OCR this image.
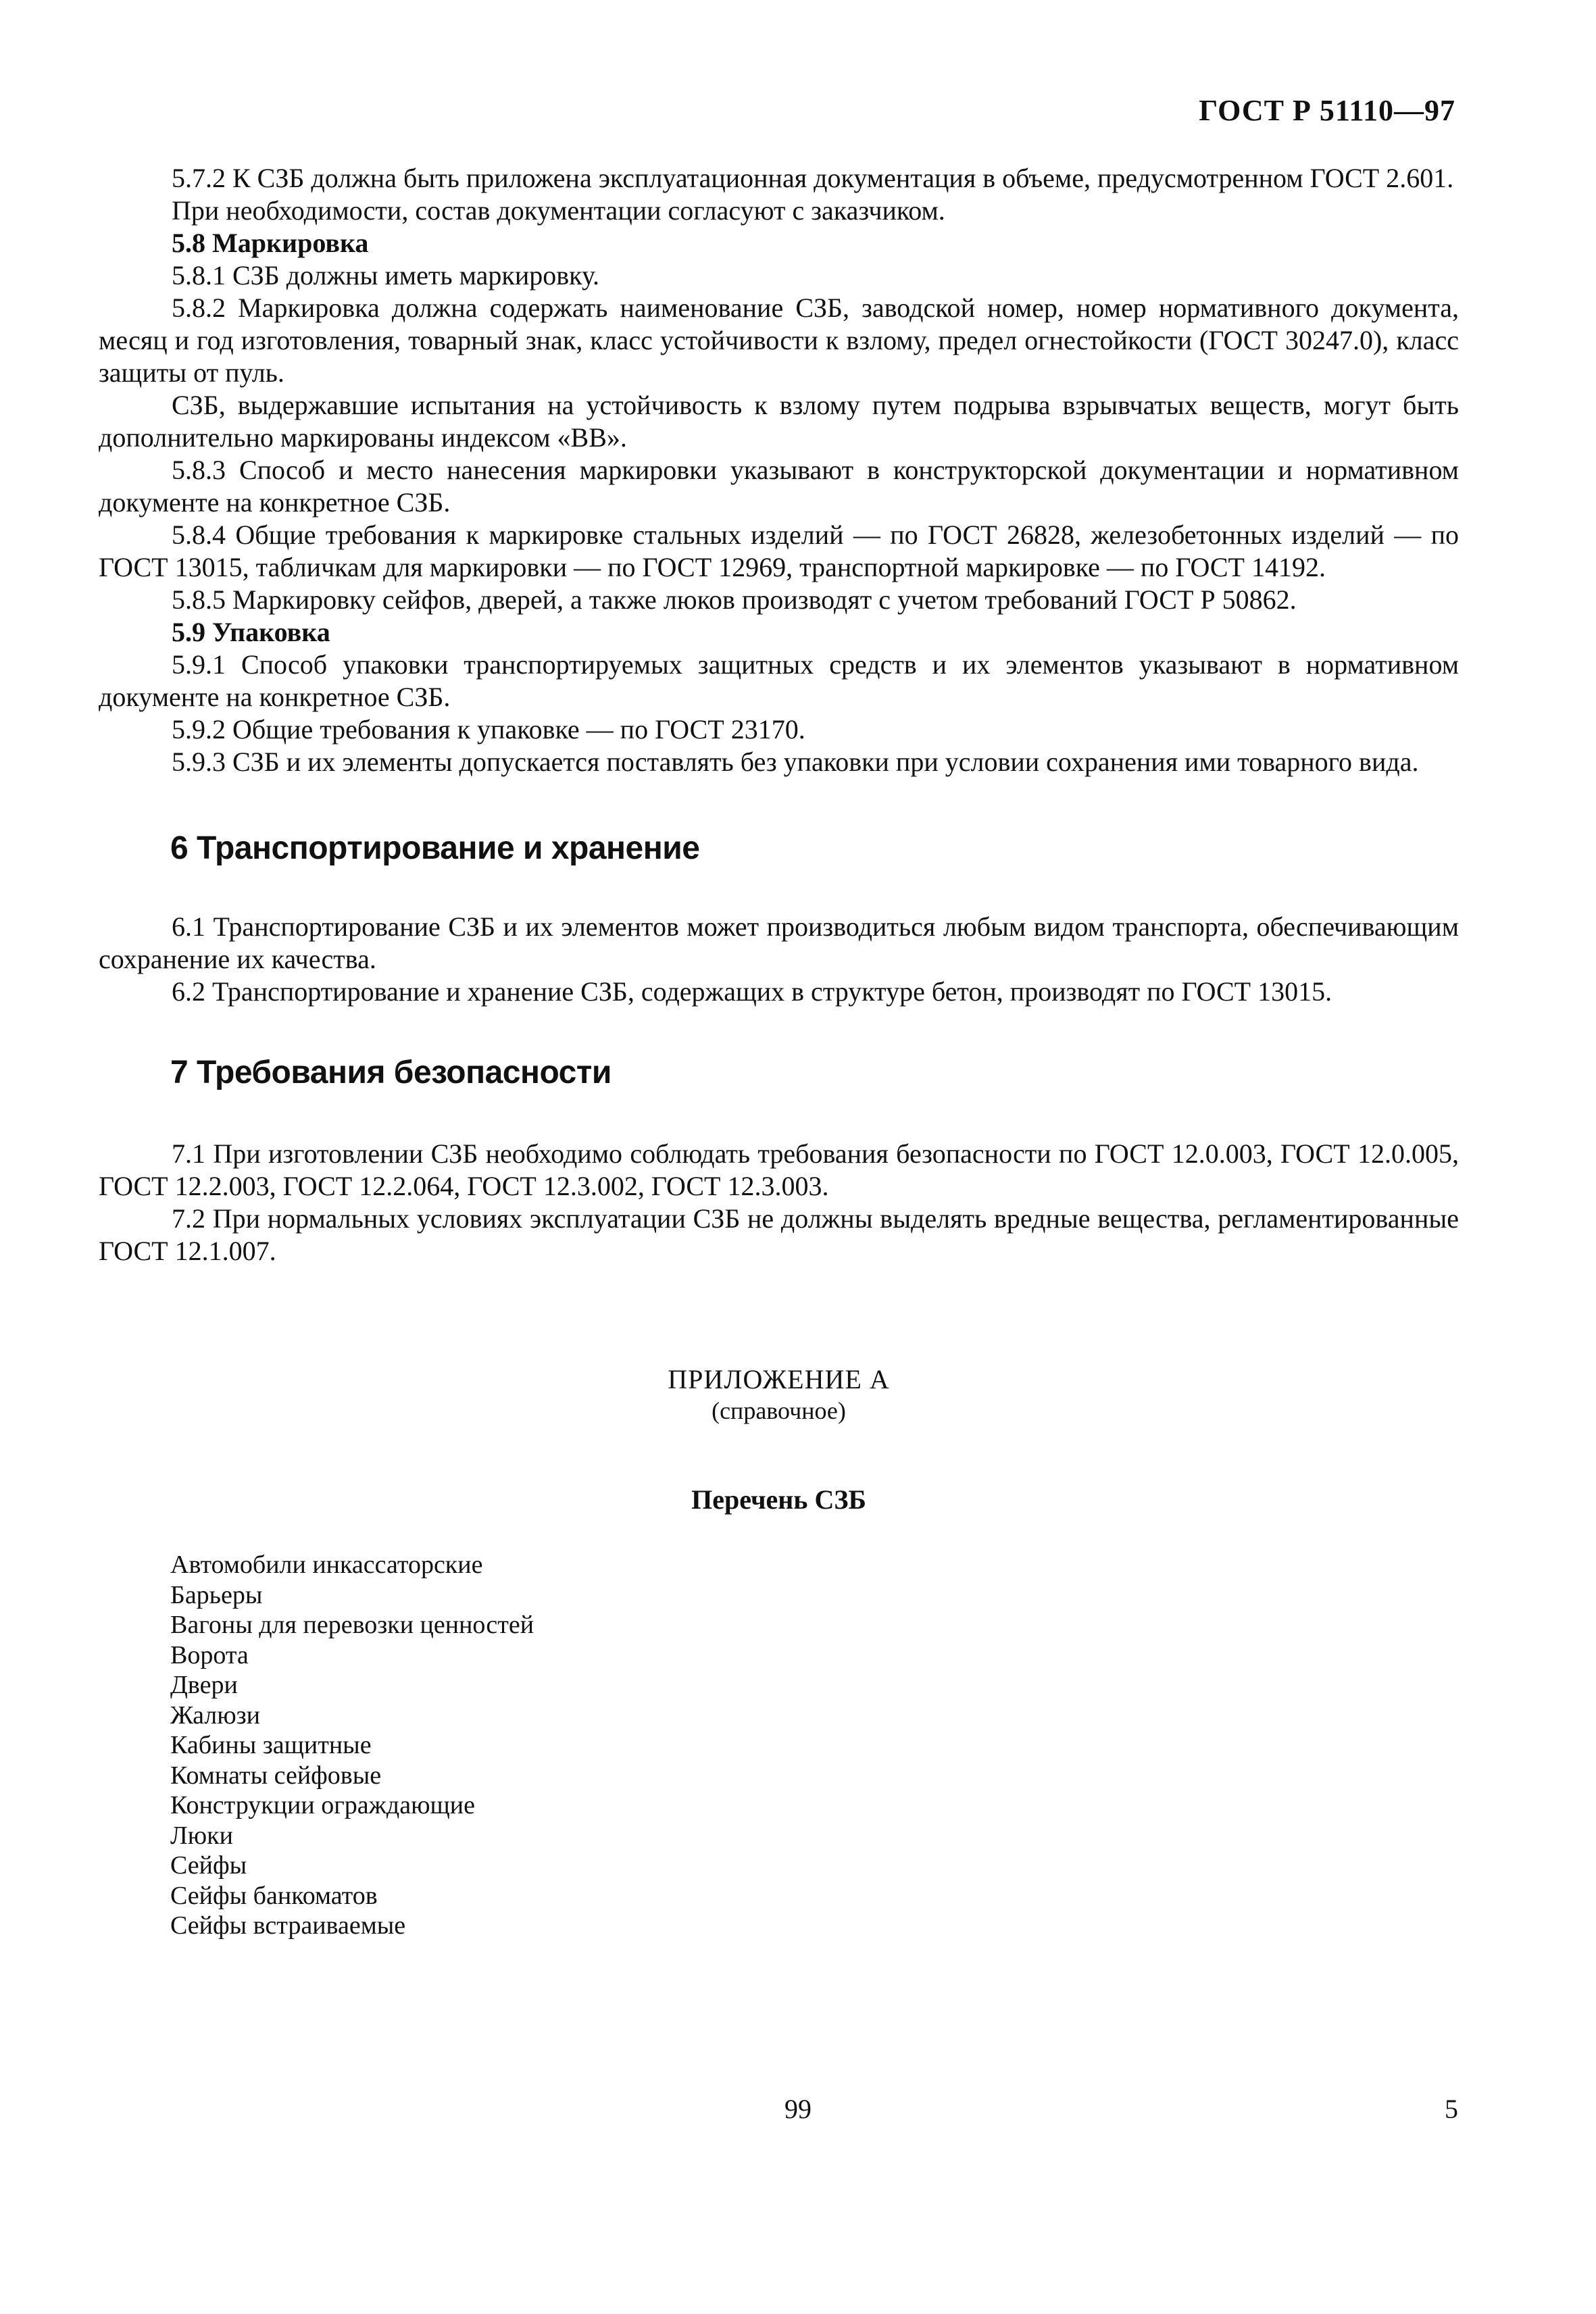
ГОСТ Р 51110—97

5.7.2 К СЗБ должна быть приложена эксплуатационная документация в объеме, предусмотренном ГОСТ 2.601.

При необходимости, состав документации согласуют с заказчиком.

5.8 Маркировка

5.8.1 СЗБ должны иметь маркировку.

5.8.2 Маркировка должна содержать наименование СЗБ, заводской номер, номер нормативного документа, месяц и год изготовления, товарный знак, класс устойчивости к взлому, предел огнестойкости (ГОСТ 30247.0), класс защиты от пуль.

СЗБ, выдержавшие испытания на устойчивость к взлому путем подрыва взрывчатых веществ, могут быть дополнительно маркированы индексом «ВВ».

5.8.3 Способ и место нанесения маркировки указывают в конструкторской документации и нормативном документе на конкретное СЗБ.

5.8.4 Общие требования к маркировке стальных изделий — по ГОСТ 26828, железобетонных изделий — по ГОСТ 13015, табличкам для маркировки — по ГОСТ 12969, транспортной маркировке — по ГОСТ 14192.

5.8.5 Маркировку сейфов, дверей, а также люков производят с учетом требований ГОСТ Р 50862.

5.9 Упаковка

5.9.1 Способ упаковки транспортируемых защитных средств и их элементов указывают в нормативном документе на конкретное СЗБ.

5.9.2 Общие требования к упаковке — по ГОСТ 23170.

5.9.3 СЗБ и их элементы допускается поставлять без упаковки при условии сохранения ими товарного вида.

6 Транспортирование и хранение

6.1 Транспортирование СЗБ и их элементов может производиться любым видом транспорта, обеспечивающим сохранение их качества.

6.2 Транспортирование и хранение СЗБ, содержащих в структуре бетон, производят по ГОСТ 13015.

7 Требования безопасности

7.1 При изготовлении СЗБ необходимо соблюдать требования безопасности по ГОСТ 12.0.003, ГОСТ 12.0.005, ГОСТ 12.2.003, ГОСТ 12.2.064, ГОСТ 12.3.002, ГОСТ 12.3.003.

7.2 При нормальных условиях эксплуатации СЗБ не должны выделять вредные вещества, регламентированные ГОСТ 12.1.007.

ПРИЛОЖЕНИЕ А
(справочное)
Перечень СЗБ
Автомобили инкассаторские
Барьеры
Вагоны для перевозки ценностей
Ворота
Двери
Жалюзи
Кабины защитные
Комнаты сейфовые
Конструкции ограждающие
Люки
Сейфы
Сейфы банкоматов
Сейфы встраиваемые
99	5
